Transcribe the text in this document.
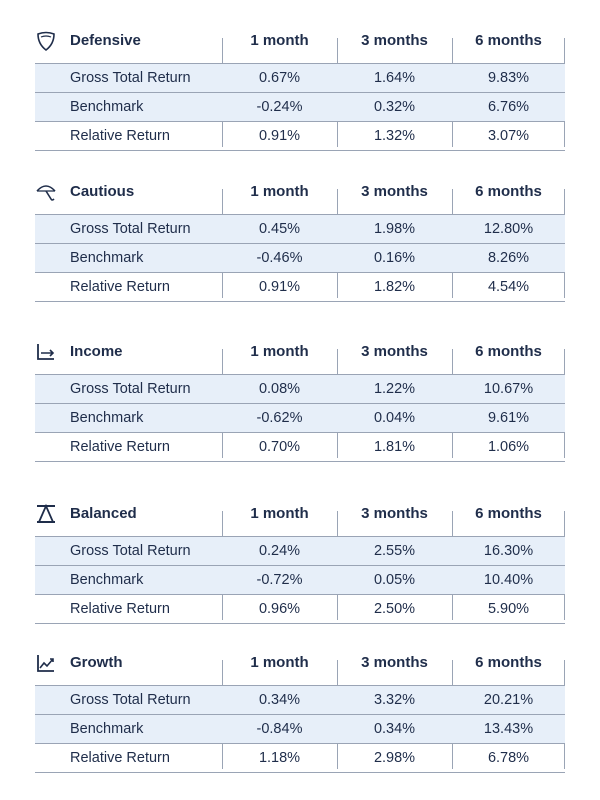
Defensive	1 month	3 months	6 months
Gross Total Return	0.67%	1.64%	9.83%
Benchmark	-0.24%	0.32%	6.76%
Relative Return	0.91%	1.32%	3.07%
Cautious	1 month	3 months	6 months
Gross Total Return	0.45%	1.98%	12.80%
Benchmark	-0.46%	0.16%	8.26%
Relative Return	0.91%	1.82%	4.54%
Income	1 month	3 months	6 months
Gross Total Return	0.08%	1.22%	10.67%
Benchmark	-0.62%	0.04%	9.61%
Relative Return	0.70%	1.81%	1.06%
Balanced	1 month	3 months	6 months
Gross Total Return	0.24%	2.55%	16.30%
Benchmark	-0.72%	0.05%	10.40%
Relative Return	0.96%	2.50%	5.90%
Growth	1 month	3 months	6 months
Gross Total Return	0.34%	3.32%	20.21%
Benchmark	-0.84%	0.34%	13.43%
Relative Return	1.18%	2.98%	6.78%
